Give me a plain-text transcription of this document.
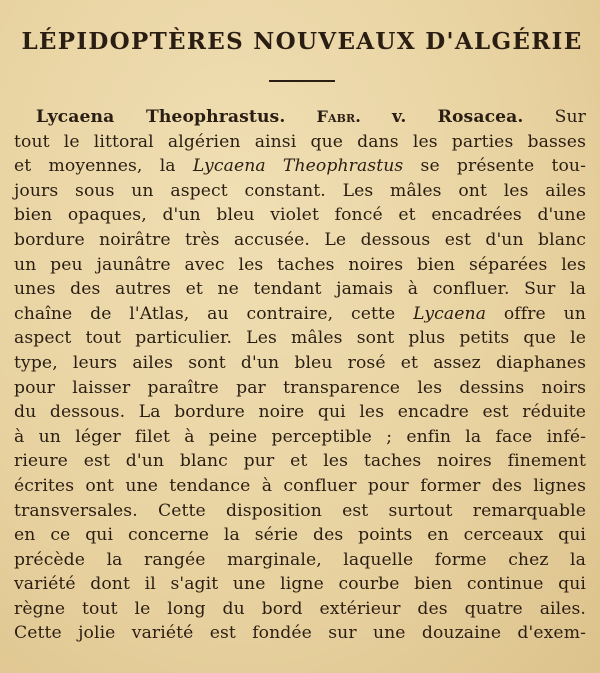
LÉPIDOPTÈRES NOUVEAUX D'ALGÉRIE
Lycaena Theophrastus. Fabr. v. Rosacea. Sur
tout le littoral algérien ainsi que dans les parties basses
et moyennes, la Lycaena Theophrastus se présente tou-
jours sous un aspect constant. Les mâles ont les ailes
bien opaques, d'un bleu violet foncé et encadrées d'une
bordure noirâtre très accusée. Le dessous est d'un blanc
un peu jaunâtre avec les taches noires bien séparées les
unes des autres et ne tendant jamais à confluer. Sur la
chaîne de l'Atlas, au contraire, cette Lycaena offre un
aspect tout particulier. Les mâles sont plus petits que le
type, leurs ailes sont d'un bleu rosé et assez diaphanes
pour laisser paraître par transparence les dessins noirs
du dessous. La bordure noire qui les encadre est réduite
à un léger filet à peine perceptible ; enfin la face infé-
rieure est d'un blanc pur et les taches noires finement
écrites ont une tendance à confluer pour former des lignes
transversales. Cette disposition est surtout remarquable
en ce qui concerne la série des points en cerceaux qui
précède la rangée marginale, laquelle forme chez la
variété dont il s'agit une ligne courbe bien continue qui
règne tout le long du bord extérieur des quatre ailes.
Cette jolie variété est fondée sur une douzaine d'exem-
